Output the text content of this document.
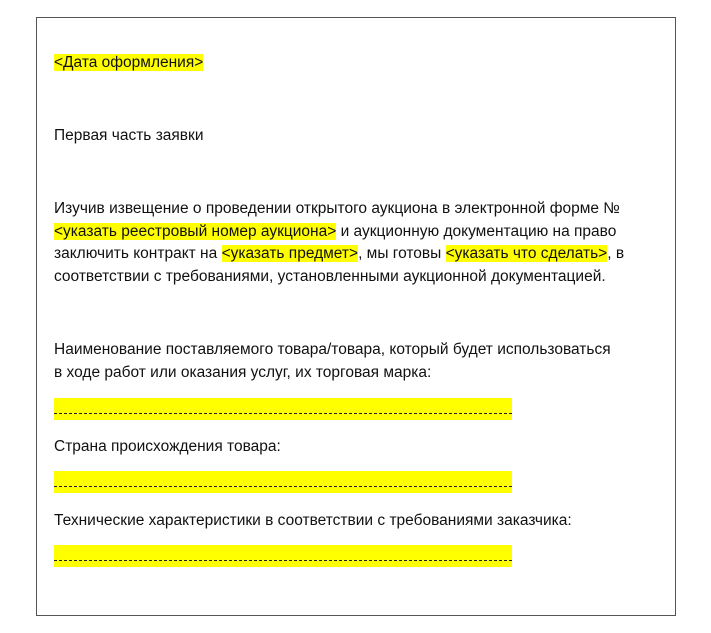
<Дата оформления>
Первая часть заявки
Изучив извещение о проведении открытого аукциона в электронной форме №
<указать реестровый номер аукциона> и аукционную документацию на право
заключить контракт на <указать предмет>, мы готовы <указать что сделать>, в
соответствии с требованиями, установленными аукционной документацией.
Наименование поставляемого товара/товара, который будет использоваться
в ходе работ или оказания услуг, их торговая марка:
Страна происхождения товара:
Технические характеристики в соответствии с требованиями заказчика:
